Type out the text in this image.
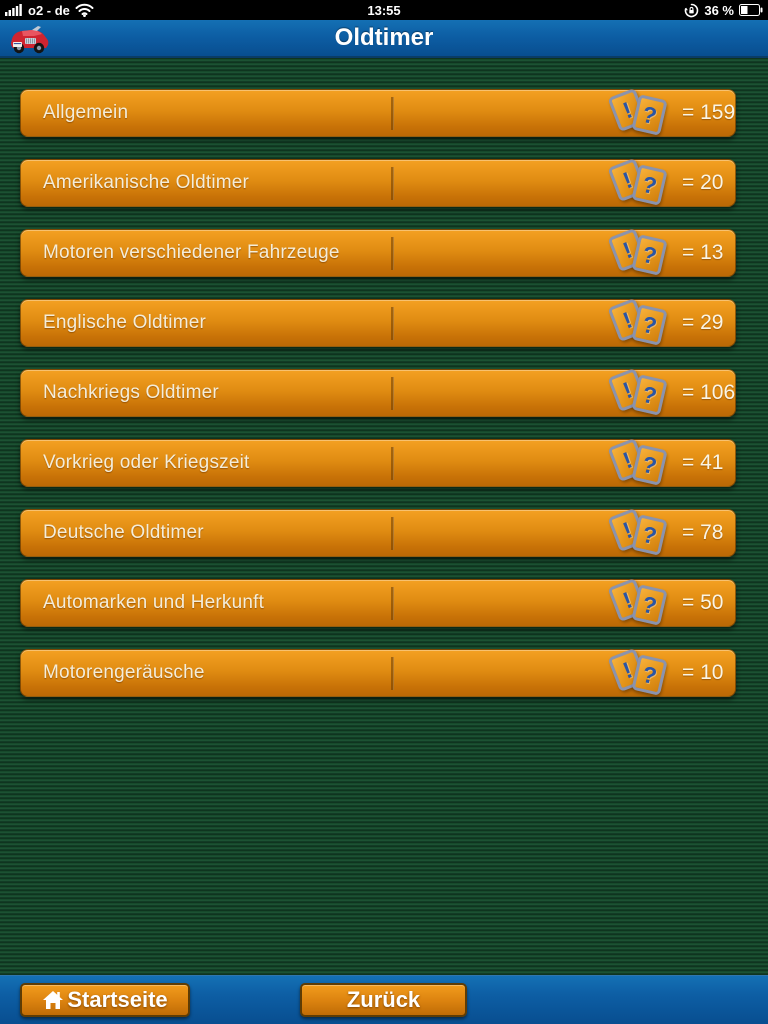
o2 - de	13:55	36 %
Oldtimer
Allgemein	! ? = 159
Amerikanische Oldtimer	! ? = 20
Motoren verschiedener Fahrzeuge	! ? = 13
Englische Oldtimer	! ? = 29
Nachkriegs Oldtimer	! ? = 106
Vorkrieg oder Kriegszeit	! ? = 41
Deutsche Oldtimer	! ? = 78
Automarken und Herkunft	! ? = 50
Motorengeräusche	! ? = 10
Startseite	Zurück
